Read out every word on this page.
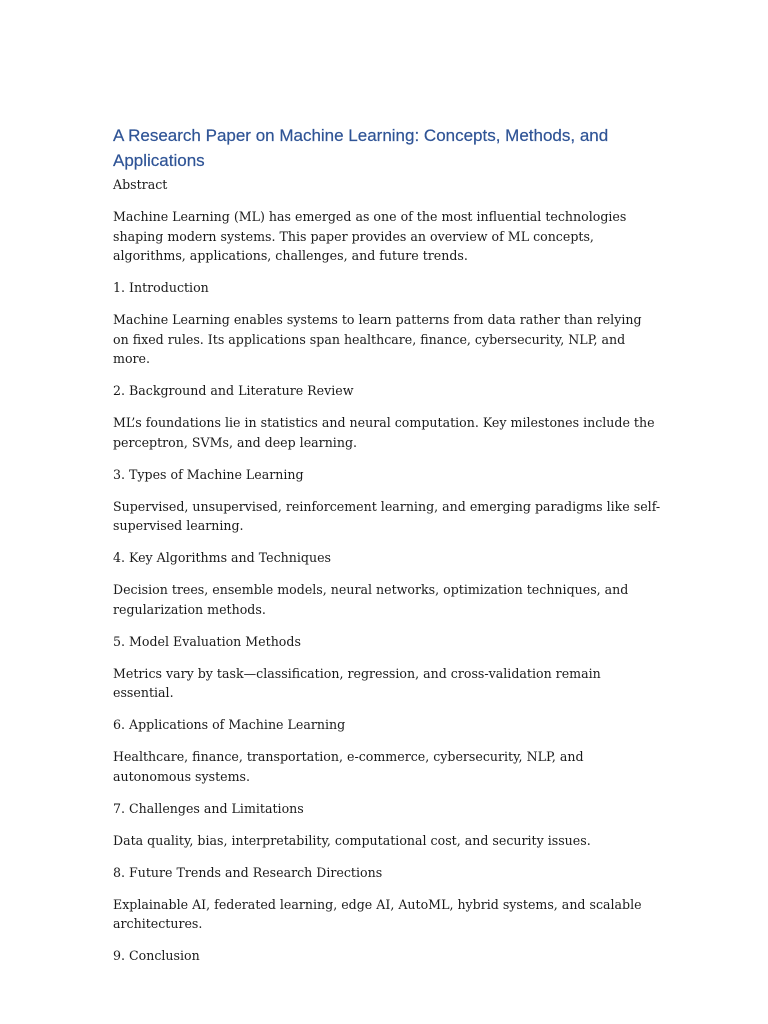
A Research Paper on Machine Learning: Concepts, Methods, and Applications

Abstract

Machine Learning (ML) has emerged as one of the most influential technologies shaping modern systems. This paper provides an overview of ML concepts, algorithms, applications, challenges, and future trends.

1. Introduction

Machine Learning enables systems to learn patterns from data rather than relying on fixed rules. Its applications span healthcare, finance, cybersecurity, NLP, and more.

2. Background and Literature Review

ML’s foundations lie in statistics and neural computation. Key milestones include the perceptron, SVMs, and deep learning.

3. Types of Machine Learning

Supervised, unsupervised, reinforcement learning, and emerging paradigms like self-supervised learning.

4. Key Algorithms and Techniques

Decision trees, ensemble models, neural networks, optimization techniques, and regularization methods.

5. Model Evaluation Methods

Metrics vary by task—classification, regression, and cross-validation remain essential.

6. Applications of Machine Learning

Healthcare, finance, transportation, e-commerce, cybersecurity, NLP, and autonomous systems.

7. Challenges and Limitations

Data quality, bias, interpretability, computational cost, and security issues.

8. Future Trends and Research Directions

Explainable AI, federated learning, edge AI, AutoML, hybrid systems, and scalable architectures.

9. Conclusion
